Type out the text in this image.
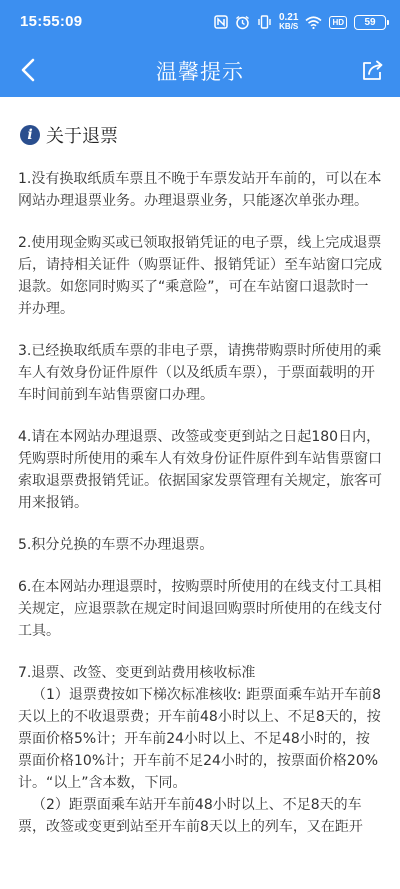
15:55:09	0.21
KB/S	HD	59
温馨提示
i 关于退票

1.没有换取纸质车票且不晚于车票发站开车前的，可以在本网站办理退票业务。办理退票业务，只能逐次单张办理。

2.使用现金购买或已领取报销凭证的电子票，线上完成退票后，请持相关证件（购票证件、报销凭证）至车站窗口完成退款。如您同时购买了“乘意险”，可在车站窗口退款时一并办理。

3.已经换取纸质车票的非电子票，请携带购票时所使用的乘车人有效身份证件原件（以及纸质车票），于票面载明的开车时间前到车站售票窗口办理。

4.请在本网站办理退票、改签或变更到站之日起180日内，凭购票时所使用的乘车人有效身份证件原件到车站售票窗口索取退票费报销凭证。依据国家发票管理有关规定，旅客可用来报销。

5.积分兑换的车票不办理退票。

6.在本网站办理退票时，按购票时所使用的在线支付工具相关规定，应退票款在规定时间退回购票时所使用的在线支付工具。

7.退票、改签、变更到站费用核收标准
（1）退票费按如下梯次标准核收: 距票面乘车站开车前8天以上的不收退票费；开车前48小时以上、不足8天的，按票面价格5%计；开车前24小时以上、不足48小时的，按票面价格10%计；开车前不足24小时的，按票面价格20%计。“以上”含本数，下同。
（2）距票面乘车站开车前48小时以上、不足8天的车票，改签或变更到站至开车前8天以上的列车，又在距开
